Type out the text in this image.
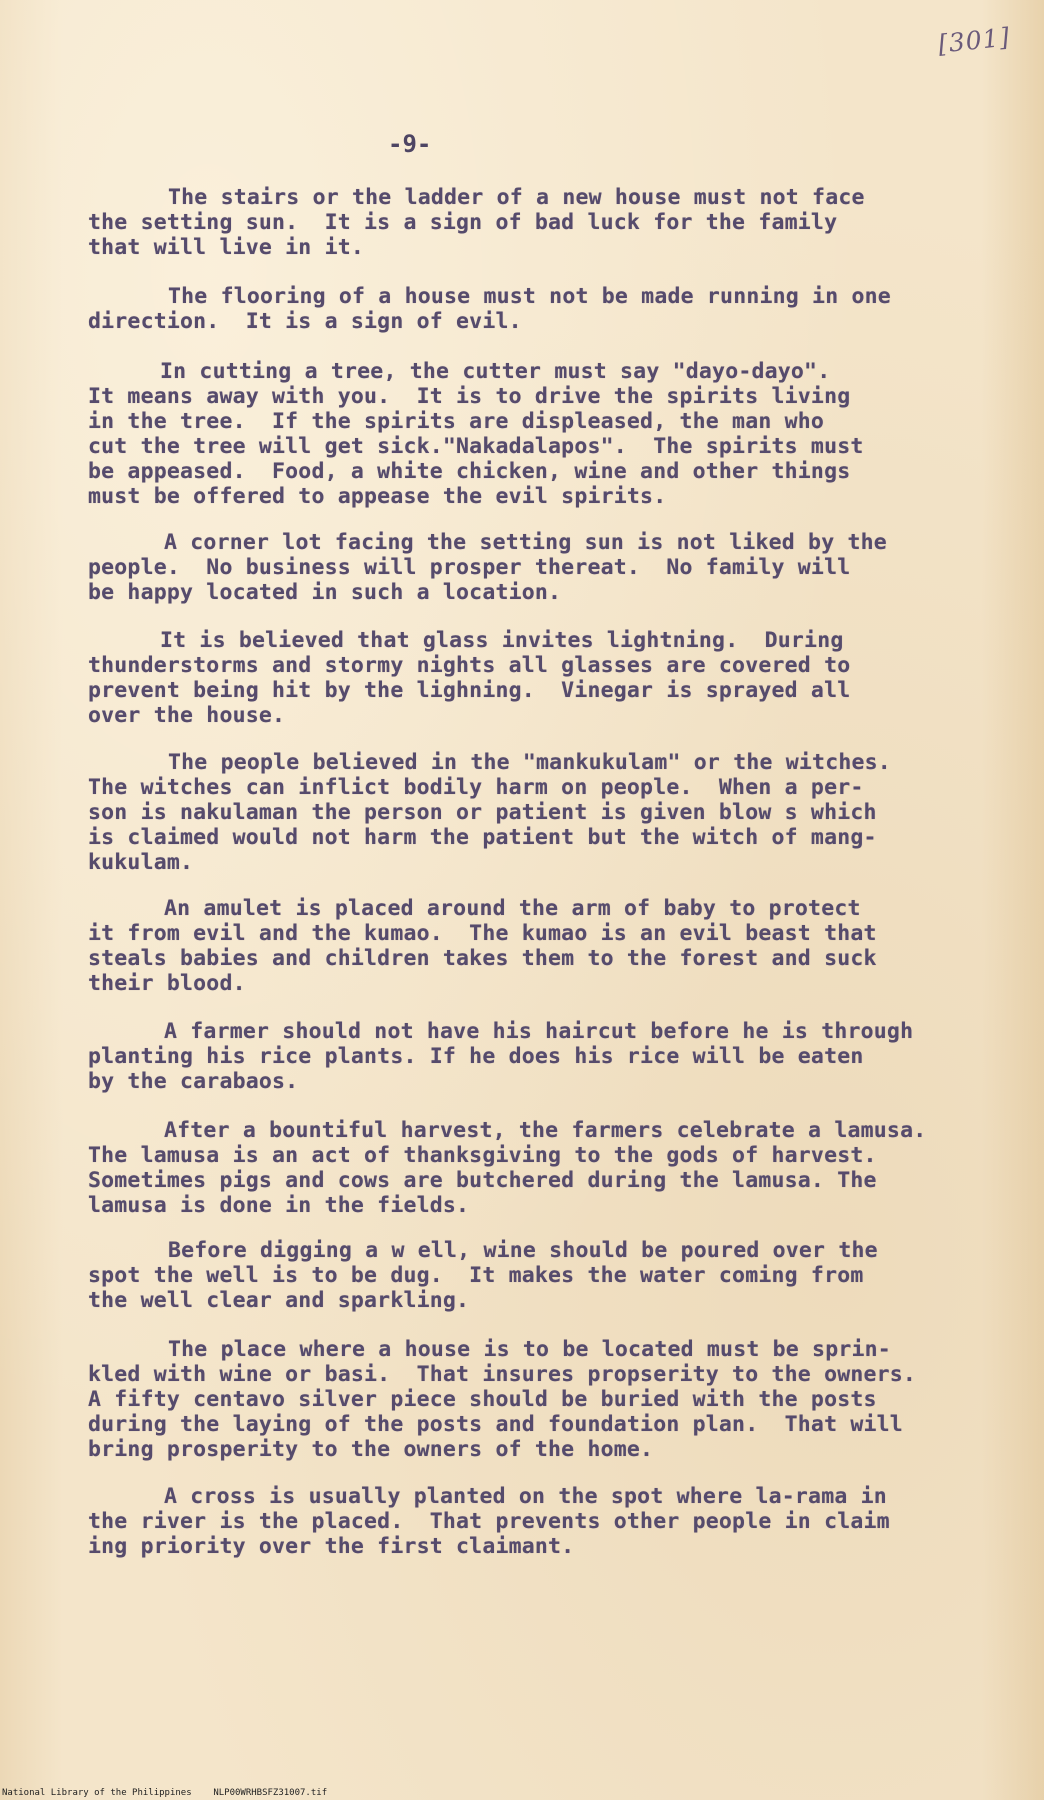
[301]
-9-
The stairs or the ladder of a new house must not face
the setting sun.  It is a sign of bad luck for the family
that will live in it.
The flooring of a house must not be made running in one
direction.  It is a sign of evil.
In cutting a tree, the cutter must say "dayo-dayo".
It means away with you.  It is to drive the spirits living
in the tree.  If the spirits are displeased, the man who
cut the tree will get sick."Nakadalapos".  The spirits must
be appeased.  Food, a white chicken, wine and other things
must be offered to appease the evil spirits.
A corner lot facing the setting sun is not liked by the
people.  No business will prosper thereat.  No family will
be happy located in such a location.
It is believed that glass invites lightning.  During
thunderstorms and stormy nights all glasses are covered to
prevent being hit by the lighning.  Vinegar is sprayed all
over the house.
The people believed in the "mankukulam" or the witches.
The witches can inflict bodily harm on people.  When a per-
son is nakulaman the person or patient is given blow s which
is claimed would not harm the patient but the witch of mang-
kukulam.
An amulet is placed around the arm of baby to protect
it from evil and the kumao.  The kumao is an evil beast that
steals babies and children takes them to the forest and suck
their blood.
A farmer should not have his haircut before he is through
planting his rice plants. If he does his rice will be eaten
by the carabaos.
After a bountiful harvest, the farmers celebrate a lamusa.
The lamusa is an act of thanksgiving to the gods of harvest.
Sometimes pigs and cows are butchered during the lamusa. The
lamusa is done in the fields.
Before digging a w ell, wine should be poured over the
spot the well is to be dug.  It makes the water coming from
the well clear and sparkling.
The place where a house is to be located must be sprin-
kled with wine or basi.  That insures propserity to the owners.
A fifty centavo silver piece should be buried with the posts
during the laying of the posts and foundation plan.  That will
bring prosperity to the owners of the home.
A cross is usually planted on the spot where la-rama in
the river is the placed.  That prevents other people in claim
ing priority over the first claimant.
National Library of the Philippines    NLP00WRHBSFZ31007.tif
